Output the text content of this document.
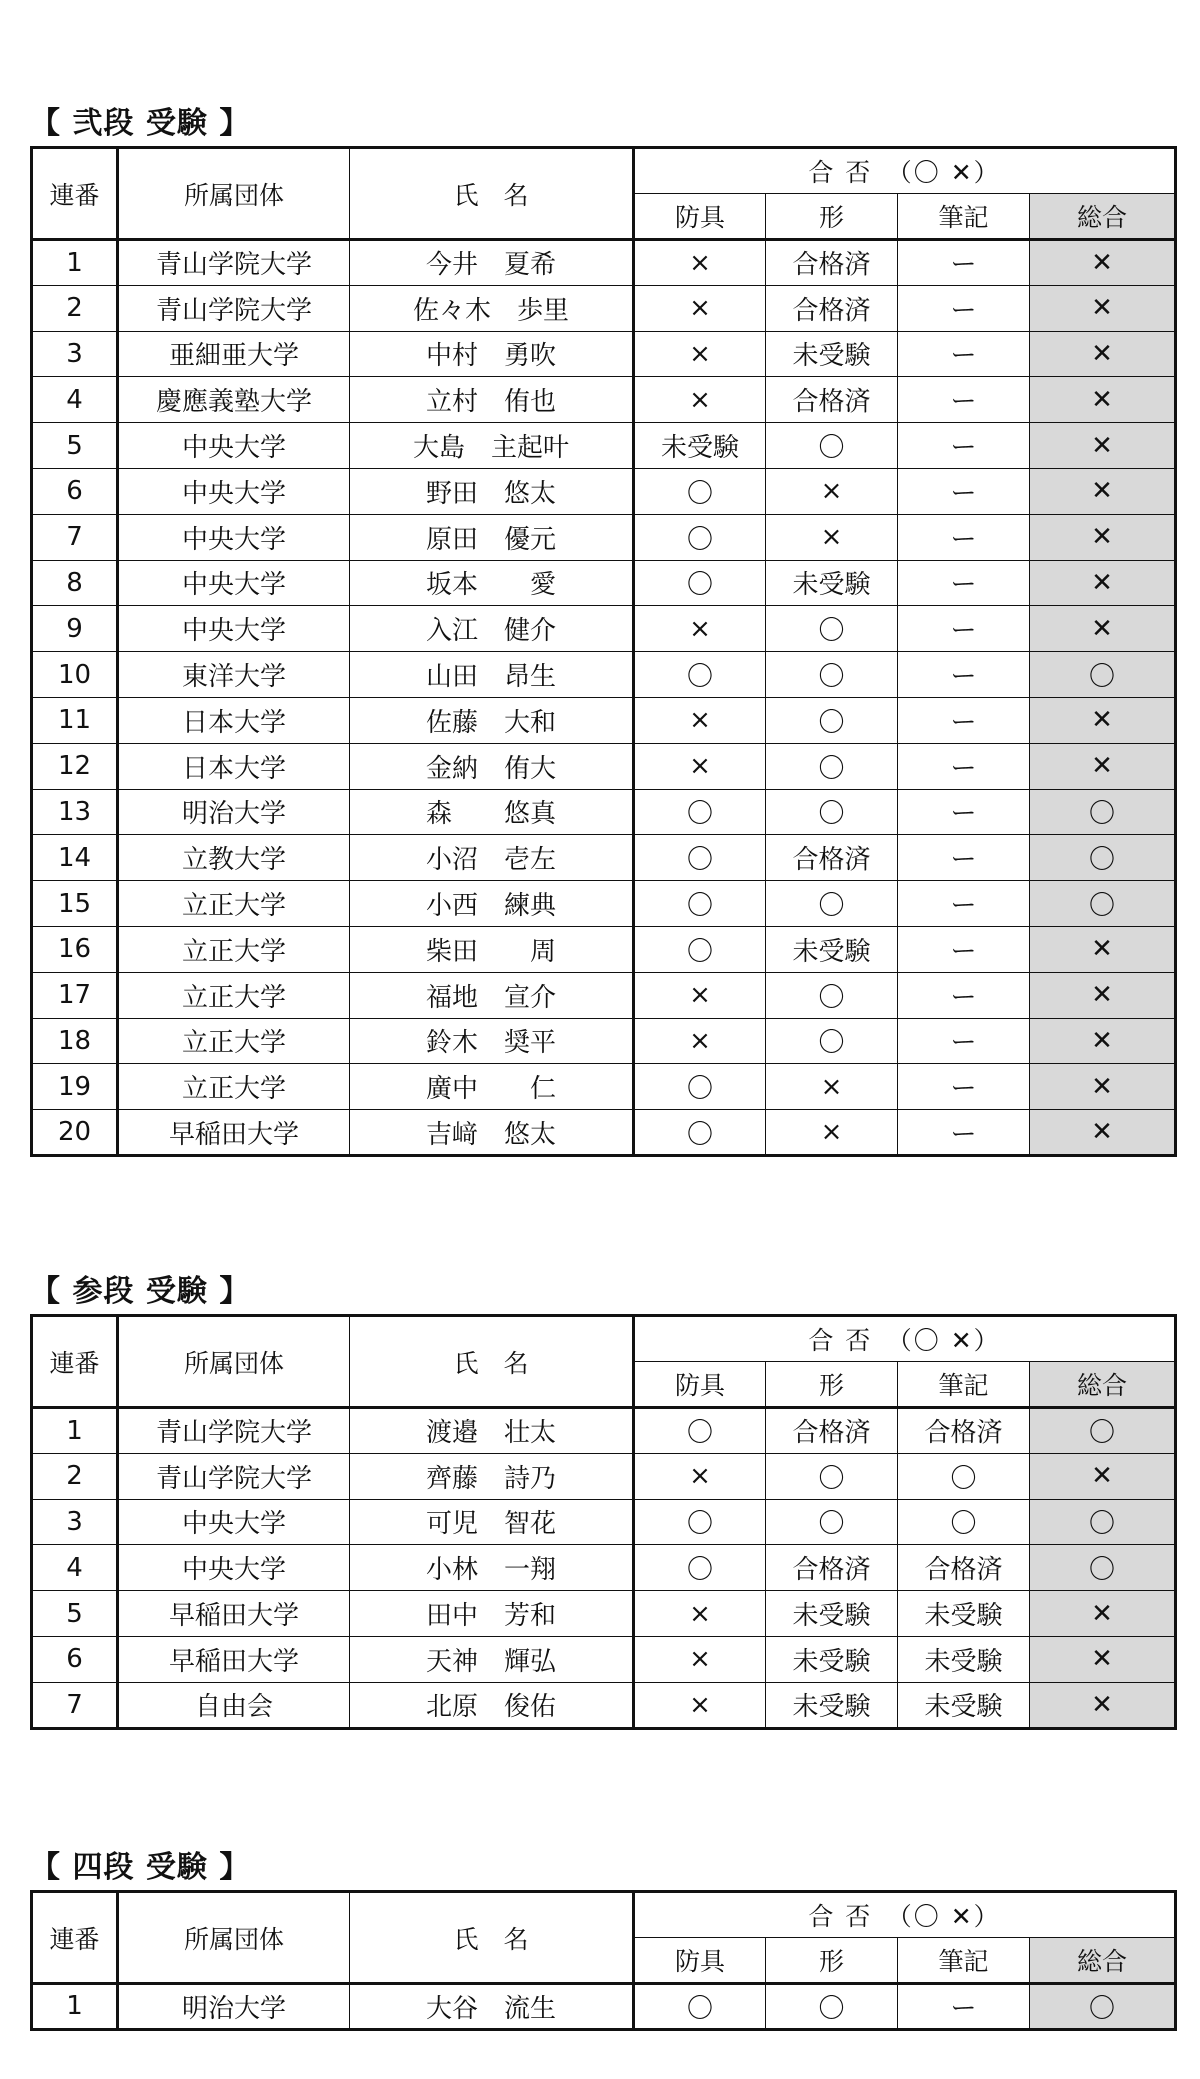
【 弐段 受験 】
連番	所属団体	氏　名	合 否　（〇 ✕）			
			防具	形	筆記	総合
1	青山学院大学	今井　夏希	×	合格済	ー	✕
2	青山学院大学	佐々木　歩里	×	合格済	ー	✕
3	亜細亜大学	中村　勇吹	×	未受験	ー	✕
4	慶應義塾大学	立村　侑也	×	合格済	ー	✕
5	中央大学	大島　主起叶	未受験	〇	ー	✕
6	中央大学	野田　悠太	〇	×	ー	✕
7	中央大学	原田　優元	〇	×	ー	✕
8	中央大学	坂本　　愛	〇	未受験	ー	✕
9	中央大学	入江　健介	×	〇	ー	✕
10	東洋大学	山田　昂生	〇	〇	ー	〇
11	日本大学	佐藤　大和	×	〇	ー	✕
12	日本大学	金納　侑大	×	〇	ー	✕
13	明治大学	森　　悠真	〇	〇	ー	〇
14	立教大学	小沼　壱左	〇	合格済	ー	〇
15	立正大学	小西　練典	〇	〇	ー	〇
16	立正大学	柴田　　周	〇	未受験	ー	✕
17	立正大学	福地　宣介	×	〇	ー	✕
18	立正大学	鈴木　奨平	×	〇	ー	✕
19	立正大学	廣中　　仁	〇	×	ー	✕
20	早稲田大学	吉﨑　悠太	〇	×	ー	✕
【 参段 受験 】
連番	所属団体	氏　名	合 否　（〇 ✕）			
			防具	形	筆記	総合
1	青山学院大学	渡邉　壮太	〇	合格済	合格済	〇
2	青山学院大学	齊藤　詩乃	×	〇	〇	✕
3	中央大学	可児　智花	〇	〇	〇	〇
4	中央大学	小林　一翔	〇	合格済	合格済	〇
5	早稲田大学	田中　芳和	×	未受験	未受験	✕
6	早稲田大学	天神　輝弘	×	未受験	未受験	✕
7	自由会	北原　俊佑	×	未受験	未受験	✕
【 四段 受験 】
連番	所属団体	氏　名	合 否　（〇 ✕）			
			防具	形	筆記	総合
1	明治大学	大谷　流生	〇	〇	ー	〇
